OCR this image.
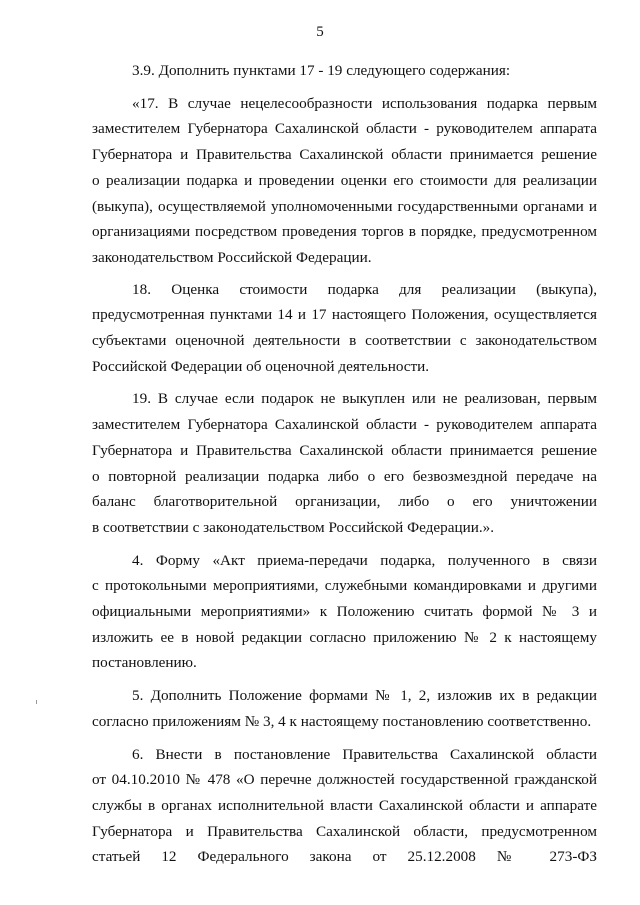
5
3.9. Дополнить пунктами 17 - 19 следующего содержания:
«17. В случае нецелесообразности использования подарка первым
заместителем Губернатора Сахалинской области - руководителем аппарата
Губернатора и Правительства Сахалинской области принимается решение
о реализации подарка и проведении оценки его стоимости для реализации
(выкупа), осуществляемой уполномоченными государственными органами и
организациями посредством проведения торгов в порядке, предусмотренном
законодательством Российской Федерации.
18. Оценка стоимости подарка для реализации (выкупа),
предусмотренная пунктами 14 и 17 настоящего Положения, осуществляется
субъектами оценочной деятельности в соответствии с законодательством
Российской Федерации об оценочной деятельности.
19. В случае если подарок не выкуплен или не реализован, первым
заместителем Губернатора Сахалинской области - руководителем аппарата
Губернатора и Правительства Сахалинской области принимается решение
о повторной реализации подарка либо о его безвозмездной передаче на
баланс благотворительной организации, либо о его уничтожении
в соответствии с законодательством Российской Федерации.».
4. Форму «Акт приема-передачи подарка, полученного в связи
с протокольными мероприятиями, служебными командировками и другими
официальными мероприятиями» к Положению считать формой № 3 и
изложить ее в новой редакции согласно приложению № 2 к настоящему
постановлению.
5. Дополнить Положение формами № 1, 2, изложив их в редакции
согласно приложениям № 3, 4 к настоящему постановлению соответственно.
6. Внести в постановление Правительства Сахалинской области
от 04.10.2010 № 478 «О перечне должностей государственной гражданской
службы в органах исполнительной власти Сахалинской области и аппарате
Губернатора и Правительства Сахалинской области, предусмотренном
статьей 12 Федерального закона от 25.12.2008 № 273-ФЗ
